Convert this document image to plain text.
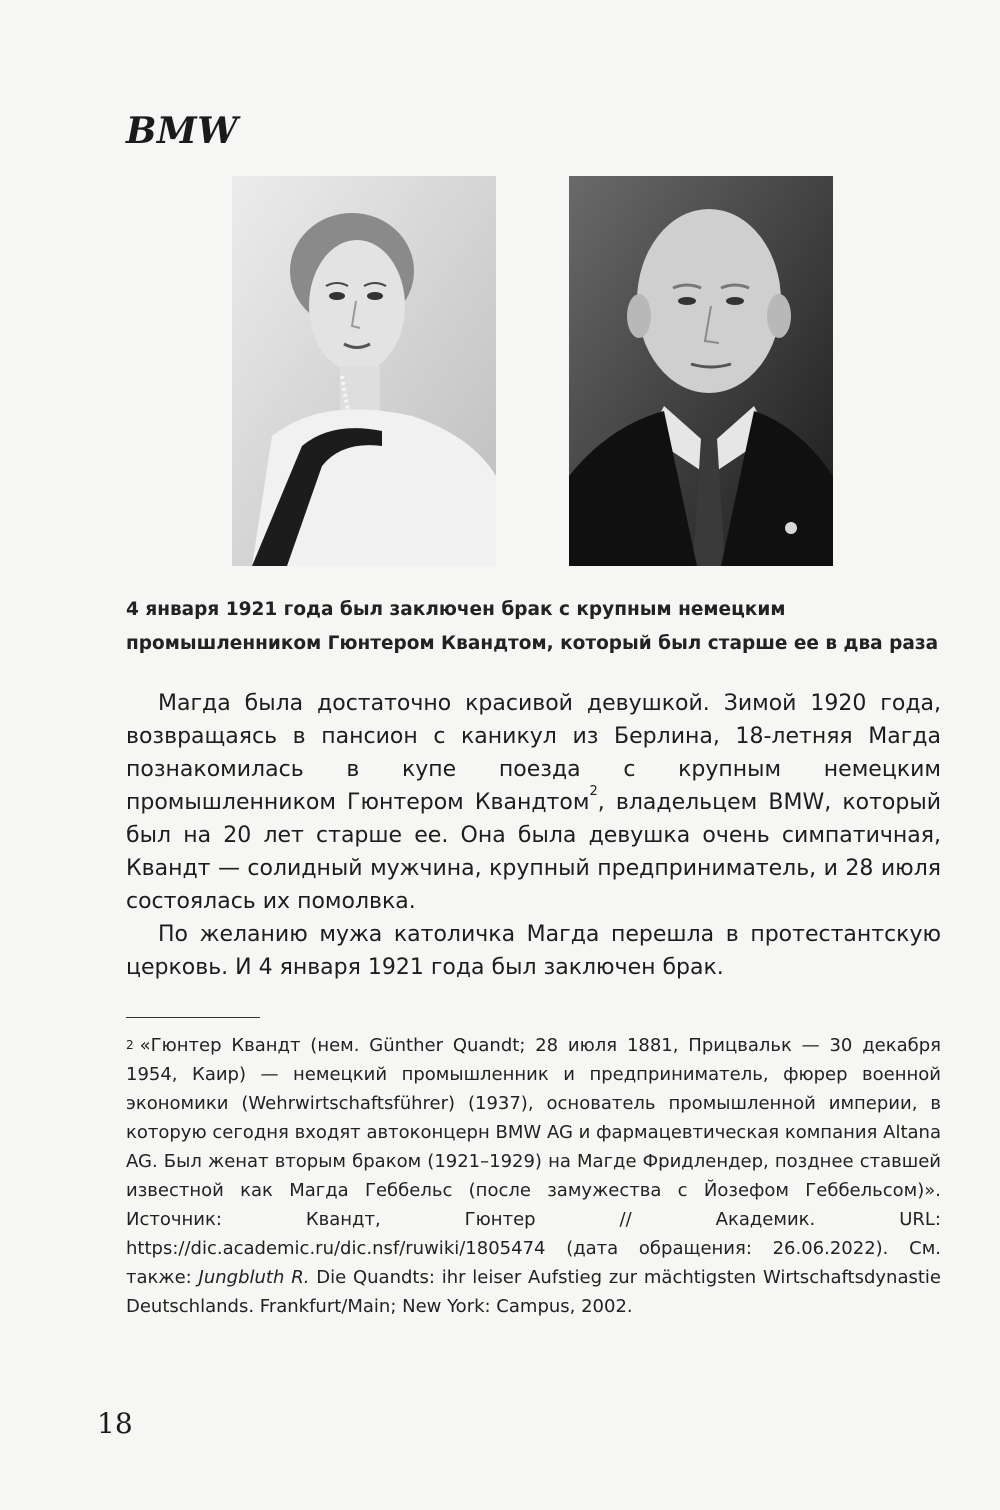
BMW
4 января 1921 года был заключен брак с крупным немецким
промышленником Гюнтером Квандтом, который был старше ее в два раза

Магда была достаточно красивой девушкой. Зимой 1920 года, возвращаясь в пансион с каникул из Берлина, 18-летняя Магда познакомилась в купе поезда с крупным немецким промышленником Гюнтером Квандтом$^2$, владельцем BMW, который был на 20 лет старше ее. Она была девушка очень симпатичная, Квандт — солидный мужчина, крупный предприниматель, и 28 июля состоялась их помолвка.

По желанию мужа католичка Магда перешла в протестантскую церковь. И 4 января 1921 года был заключен брак.

$^2$ «Гюнтер Квандт (нем. Günther Quandt; 28 июля 1881, Прицвальк — 30 декабря 1954, Каир) — немецкий промышленник и предприниматель, фюрер военной экономики (Wehrwirtschaftsführer) (1937), основатель промышленной империи, в которую сегодня входят автоконцерн BMW AG и фармацевтическая компания Altana AG. Был женат вторым браком (1921–1929) на Магде Фридлендер, позднее ставшей известной как Магда Геббельс (после замужества с Йозефом Геббельсом)». Источник: Квандт, Гюнтер // Академик. URL: https://dic.academic.ru/dic.nsf/ruwiki/1805474 (дата обращения: 26.06.2022). См. также: Jungbluth R. Die Quandts: ihr leiser Aufstieg zur mächtigsten Wirtschaftsdynastie Deutschlands. Frankfurt/Main; New York: Campus, 2002.

18
